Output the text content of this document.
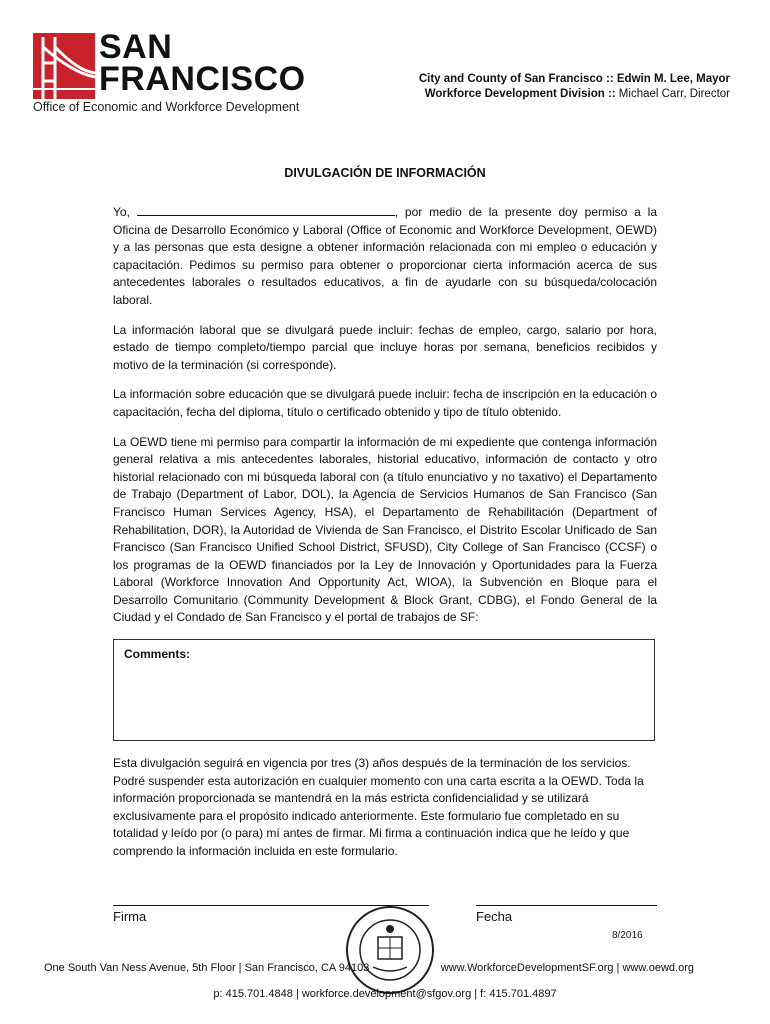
SAN
FRANCISCO
Office of Economic and Workforce Development
City and County of San Francisco :: Edwin M. Lee, Mayor
Workforce Development Division :: Michael Carr, Director
DIVULGACIÓN DE INFORMACIÓN

Yo,	, por medio de la presente doy permiso a la Oficina de Desarrollo Económico y Laboral (Office of Economic and Workforce Development, OEWD) y a las personas que esta designe a obtener información relacionada con mi empleo o educación y capacitación. Pedimos su permiso para obtener o proporcionar cierta información acerca de sus antecedentes laborales o resultados educativos, a fin de ayudarle con su búsqueda/colocación laboral.

La información laboral que se divulgará puede incluir: fechas de empleo, cargo, salario por hora, estado de tiempo completo/tiempo parcial que incluye horas por semana, beneficios recibidos y motivo de la terminación (si corresponde).

La información sobre educación que se divulgará puede incluir: fecha de inscripción en la educación o capacitación, fecha del diploma, título o certificado obtenido y tipo de título obtenido.

La OEWD tiene mi permiso para compartir la información de mi expediente que contenga información general relativa a mis antecedentes laborales, historial educativo, información de contacto y otro historial relacionado con mi búsqueda laboral con (a título enunciativo y no taxativo) el Departamento de Trabajo (Department of Labor, DOL), la Agencia de Servicios Humanos de San Francisco (San Francisco Human Services Agency, HSA), el Departamento de Rehabilitación (Department of Rehabilitation, DOR), la Autoridad de Vivienda de San Francisco, el Distrito Escolar Unificado de San Francisco (San Francisco Unified School District, SFUSD), City College of San Francisco (CCSF) o los programas de la OEWD financiados por la Ley de Innovación y Oportunidades para la Fuerza Laboral (Workforce Innovation And Opportunity Act, WIOA), la Subvención en Bloque para el Desarrollo Comunitario (Community Development & Block Grant, CDBG), el Fondo General de la Ciudad y el Condado de San Francisco y el portal de trabajos de SF:

Comments:

Esta divulgación seguirá en vigencia por tres (3) años después de la terminación de los servicios. Podré suspender esta autorización en cualquier momento con una carta escrita a la OEWD. Toda la información proporcionada se mantendrá en la más estricta confidencialidad y se utilizará exclusivamente para el propósito indicado anteriormente. Este formulario fue completado en su totalidad y leído por (o para) mí antes de firmar. Mi firma a continuación indica que he leído y que comprendo la información incluida en este formulario.

Firma	Fecha
8/2016
One South Van Ness Avenue, 5th Floor | San Francisco, CA 94103	www.WorkforceDevelopmentSF.org | www.oewd.org
p: 415.701.4848 | workforce.development@sfgov.org | f: 415.701.4897
